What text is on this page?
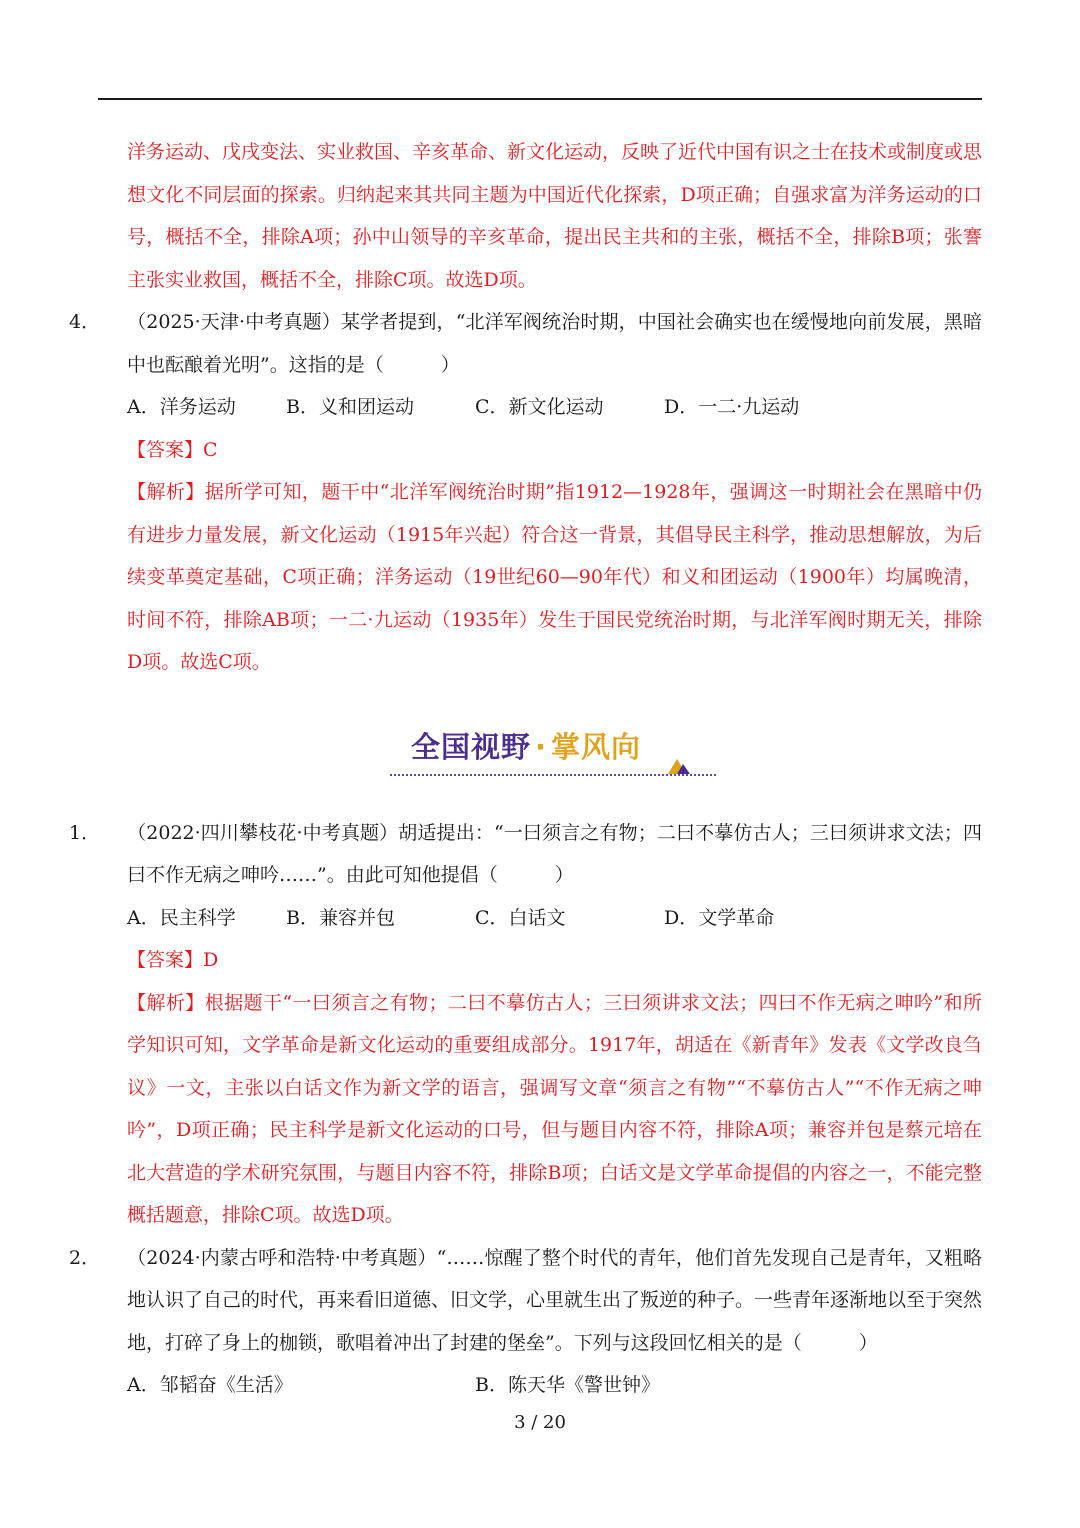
洋务运动、戊戌变法、实业救国、辛亥革命、新文化运动，反映了近代中国有识之士在技术或制度或思想文化不同层面的探索。归纳起来其共同主题为中国近代化探索，D项正确；自强求富为洋务运动的口号，概括不全，排除A项；孙中山领导的辛亥革命，提出民主共和的主张，概括不全，排除B项；张謇主张实业救国，概括不全，排除C项。故选D项。

4． （2025·天津·中考真题）某学者提到，“北洋军阀统治时期，中国社会确实也在缓慢地向前发展，黑暗中也酝酿着光明”。这指的是（　　　）

A．洋务运动	B．义和团运动	C．新文化运动	D．一二·九运动

【答案】C

【解析】据所学可知，题干中“北洋军阀统治时期”指1912—1928年，强调这一时期社会在黑暗中仍有进步力量发展，新文化运动（1915年兴起）符合这一背景，其倡导民主科学，推动思想解放，为后续变革奠定基础，C项正确；洋务运动（19世纪60—90年代）和义和团运动（1900年）均属晚清，时间不符，排除AB项；一二·九运动（1935年）发生于国民党统治时期，与北洋军阀时期无关，排除D项。故选C项。

全国视野 · 掌风向

1． （2022·四川攀枝花·中考真题）胡适提出：“一曰须言之有物；二曰不摹仿古人；三曰须讲求文法；四曰不作无病之呻吟……”。由此可知他提倡（　　　）

A．民主科学	B．兼容并包	C．白话文	D．文学革命

【答案】D

【解析】根据题干“一曰须言之有物；二曰不摹仿古人；三曰须讲求文法；四曰不作无病之呻吟”和所学知识可知，文学革命是新文化运动的重要组成部分。1917年，胡适在《新青年》发表《文学改良刍议》一文，主张以白话文作为新文学的语言，强调写文章“须言之有物”“不摹仿古人”“不作无病之呻吟”，D项正确；民主科学是新文化运动的口号，但与题目内容不符，排除A项；兼容并包是蔡元培在北大营造的学术研究氛围，与题目内容不符，排除B项；白话文是文学革命提倡的内容之一，不能完整概括题意，排除C项。故选D项。

2． （2024·内蒙古呼和浩特·中考真题）“……惊醒了整个时代的青年，他们首先发现自己是青年，又粗略地认识了自己的时代，再来看旧道德、旧文学，心里就生出了叛逆的种子。一些青年逐渐地以至于突然地，打碎了身上的枷锁，歌唱着冲出了封建的堡垒”。下列与这段回忆相关的是（　　　）

A．邹韬奋《生活》	B．陈天华《警世钟》
3 / 20
